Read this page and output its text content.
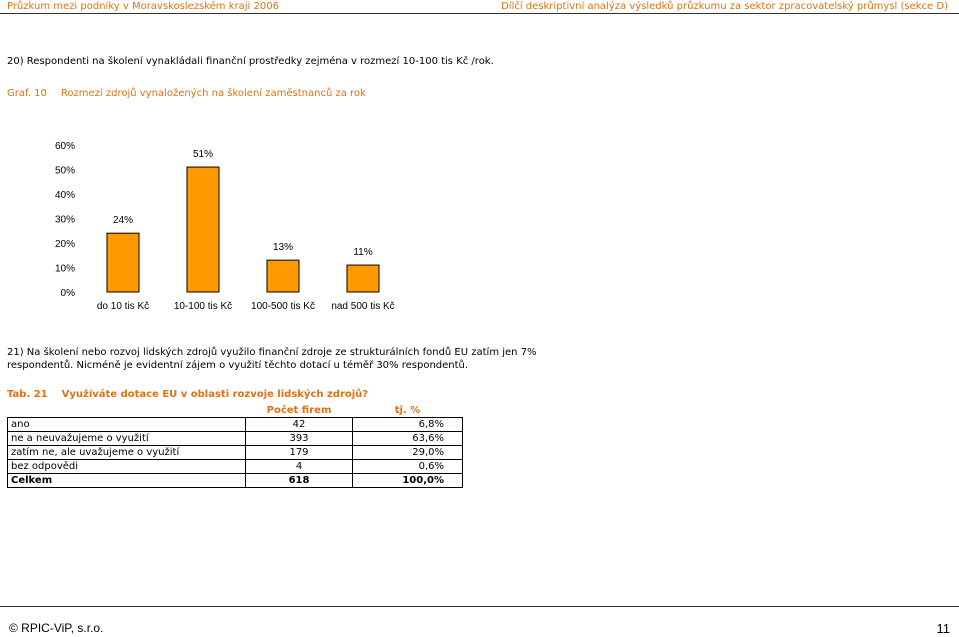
Průzkum mezi podniky v Moravskoslezském kraji 2006	Dílčí deskriptivní analýza výsledků průzkumu za sektor zpracovatelský průmysl (sekce D)
20) Respondenti na školení vynakládali finanční prostředky zejména v rozmezí 10-100 tis Kč /rok.
Graf. 10 Rozmezí zdrojů vynaložených na školení zaměstnanců za rok
0%
10%
20%
30%
40%
50%
60%
24%
51%
13%	11%
do 10 tis Kč 10-100 tis Kč 100-500 tis Kč nad 500 tis Kč
21) Na školení nebo rozvoj lidských zdrojů využilo finanční zdroje ze strukturálních fondů EU zatím jen 7%
respondentů. Nicméně je evidentní zájem o využití těchto dotací u téměř 30% respondentů.
Tab. 21 Využíváte dotace EU v oblasti rozvoje lidských zdrojů?
	Počet firem	tj. %
ano	42	6,8%
ne a neuvažujeme o využití	393	63,6%
zatím ne, ale uvažujeme o využití	179	29,0%
bez odpovědi	4	0,6%
Celkem	618	100,0%
© RPIC-ViP, s.r.o.	11
